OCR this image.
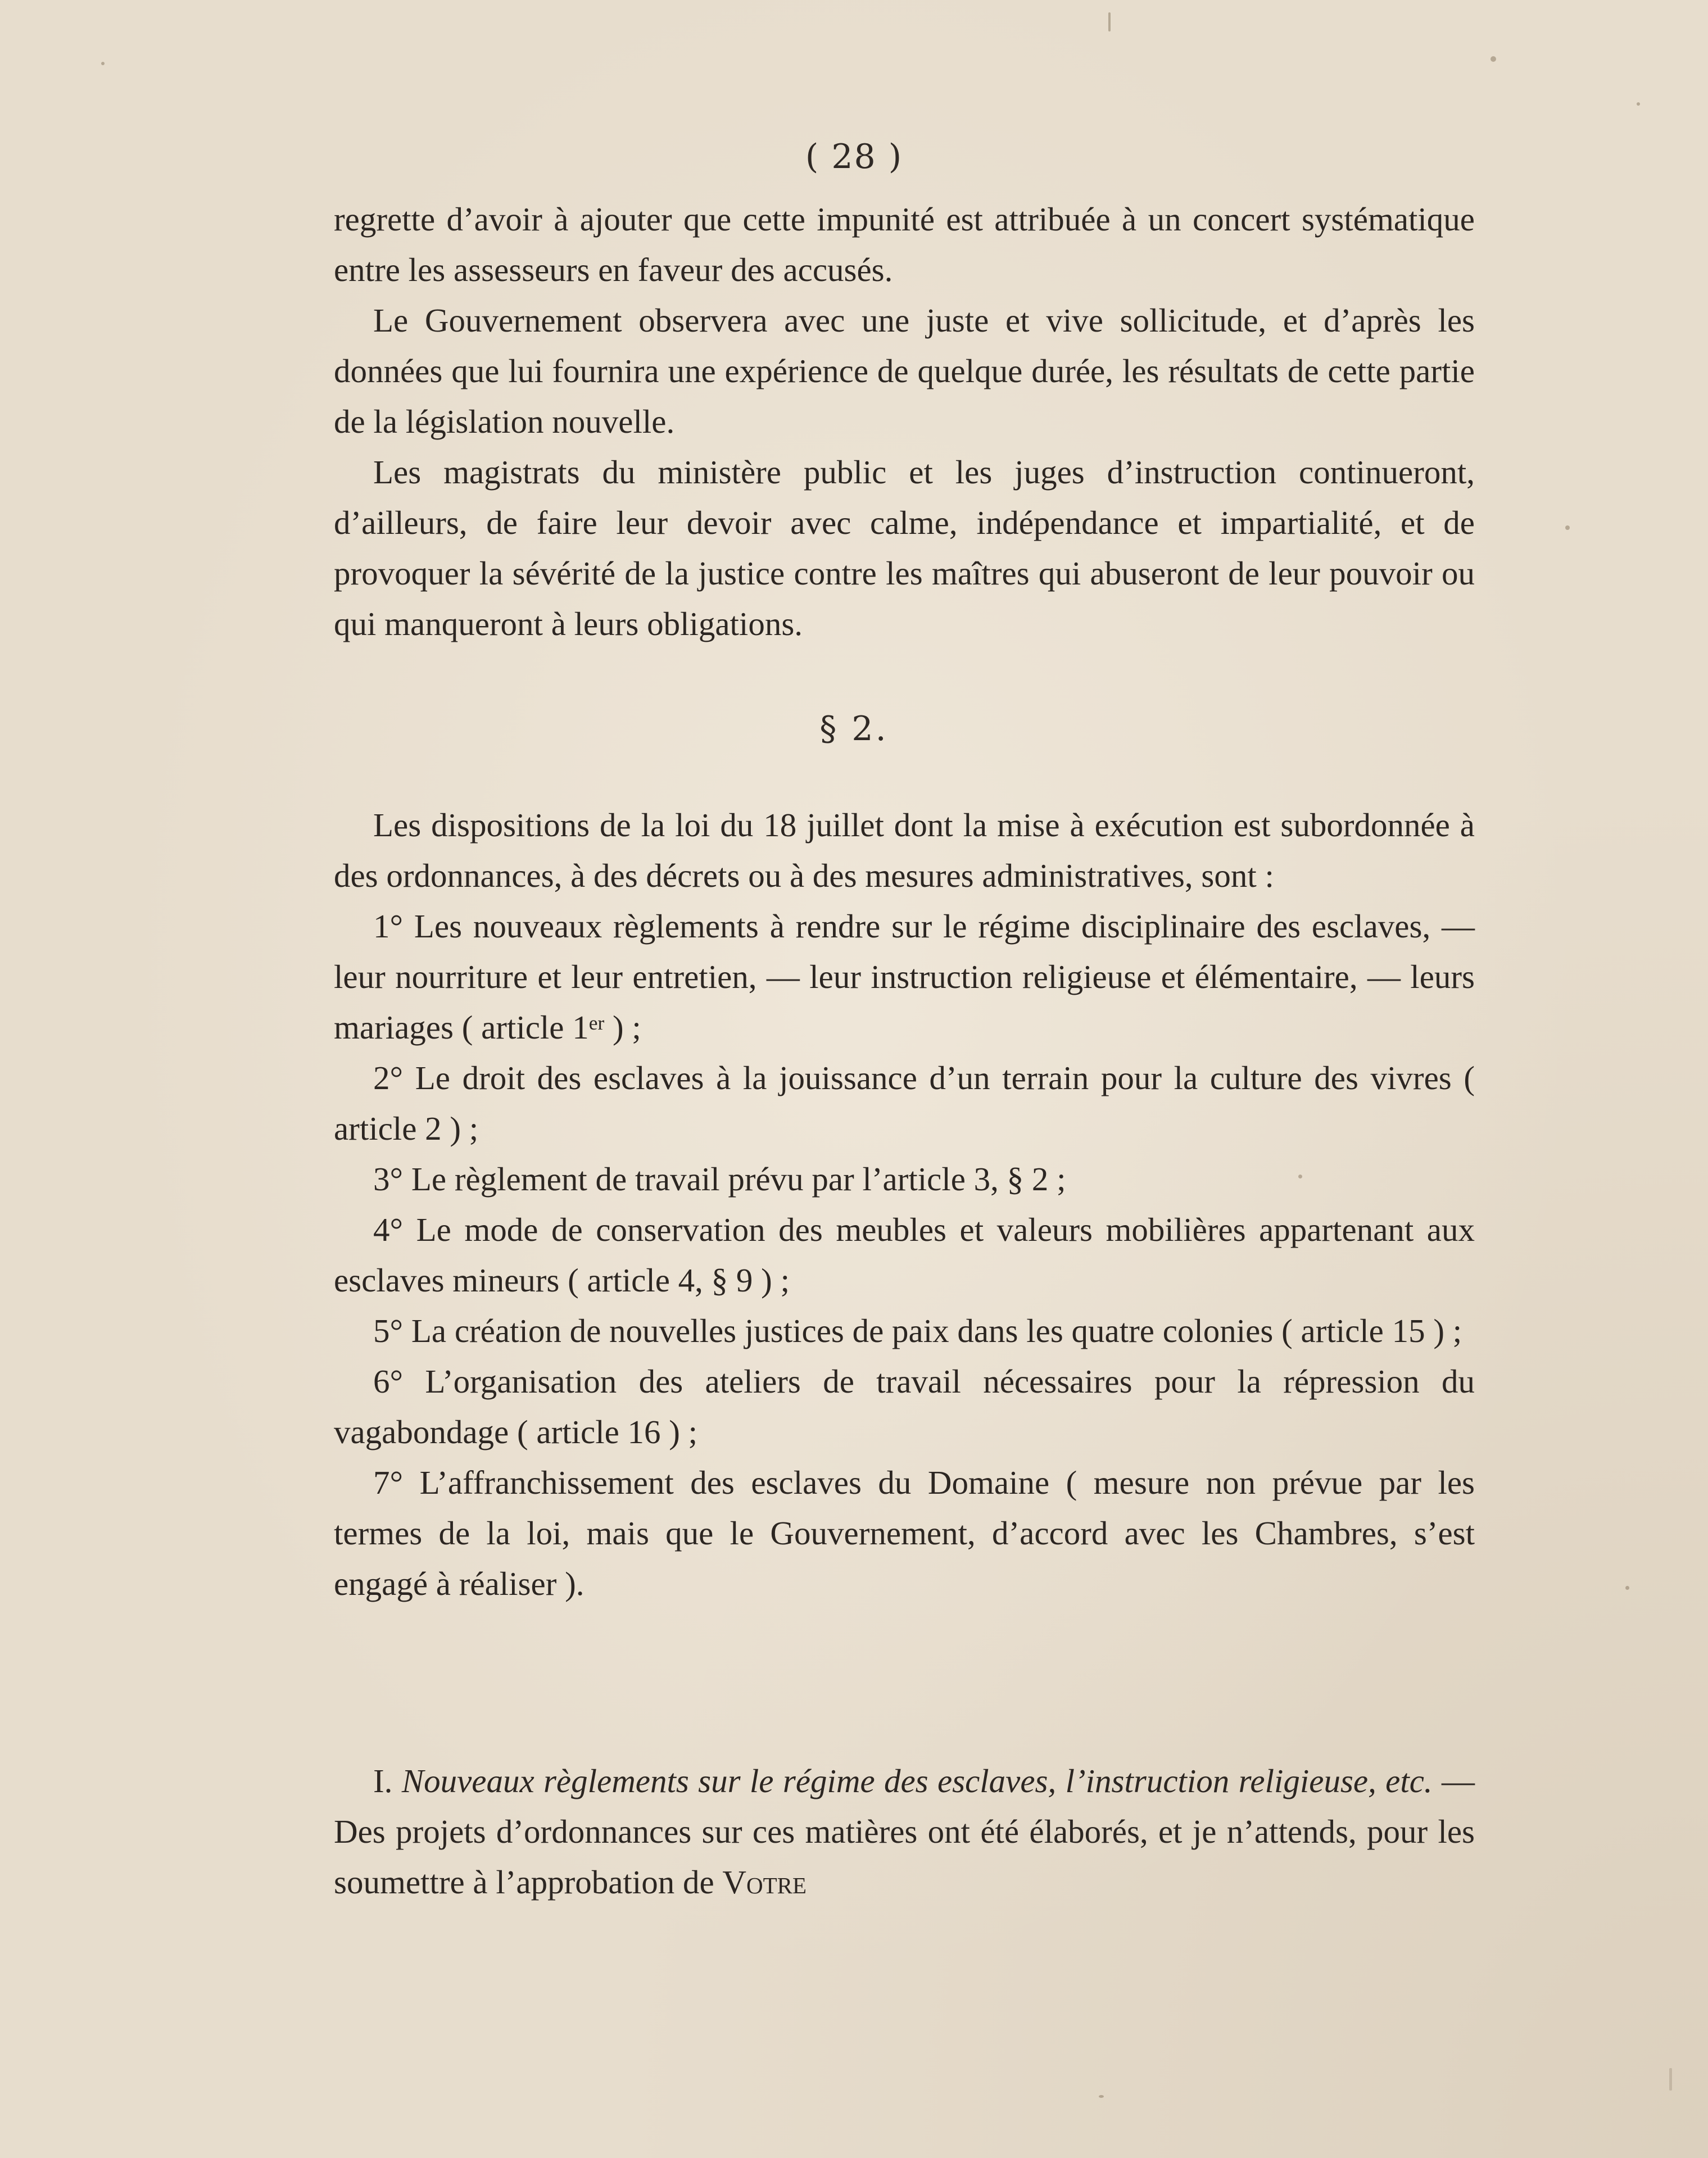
( 28 )

regrette d’avoir à ajouter que cette impunité est attribuée à un concert systématique entre les assesseurs en faveur des accusés.

Le Gouvernement observera avec une juste et vive sollicitude, et d’après les données que lui fournira une expérience de quelque durée, les résultats de cette partie de la législation nouvelle.

Les magistrats du ministère public et les juges d’instruction continueront, d’ailleurs, de faire leur devoir avec calme, indépendance et impartialité, et de provoquer la sévérité de la justice contre les maîtres qui abuseront de leur pouvoir ou qui manqueront à leurs obligations.

§ 2.

Les dispositions de la loi du 18 juillet dont la mise à exécution est subordonnée à des ordonnances, à des décrets ou à des mesures administratives, sont :

1° Les nouveaux règlements à rendre sur le régime disciplinaire des esclaves, — leur nourriture et leur entretien, — leur instruction religieuse et élémentaire, — leurs mariages ( article 1er ) ;

2° Le droit des esclaves à la jouissance d’un terrain pour la culture des vivres ( article 2 ) ;

3° Le règlement de travail prévu par l’article 3, § 2 ;

4° Le mode de conservation des meubles et valeurs mobilières appartenant aux esclaves mineurs ( article 4, § 9 ) ;

5° La création de nouvelles justices de paix dans les quatre colonies ( article 15 ) ;

6° L’organisation des ateliers de travail nécessaires pour la répression du vagabondage ( article 16 ) ;

7° L’affranchissement des esclaves du Domaine ( mesure non prévue par les termes de la loi, mais que le Gouvernement, d’accord avec les Chambres, s’est engagé à réaliser ).

I. Nouveaux règlements sur le régime des esclaves, l’instruction religieuse, etc. — Des projets d’ordonnances sur ces matières ont été élaborés, et je n’attends, pour les soumettre à l’approbation de Votre
